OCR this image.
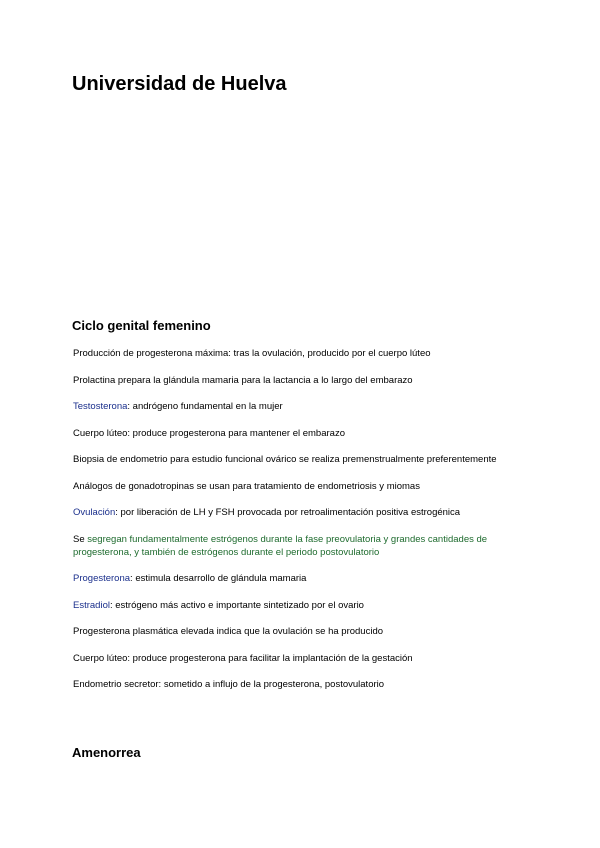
Universidad de Huelva
Ciclo genital femenino

Producción de progesterona máxima: tras la ovulación, producido por el cuerpo lúteo

Prolactina prepara la glándula mamaria para la lactancia a lo largo del embarazo

Testosterona: andrógeno fundamental en la mujer

Cuerpo lúteo: produce progesterona para mantener el embarazo

Biopsia de endometrio para estudio funcional ovárico se realiza premenstrualmente preferentemente

Análogos de gonadotropinas se usan para tratamiento de endometriosis y miomas

Ovulación: por liberación de LH y FSH provocada por retroalimentación positiva estrogénica

Se segregan fundamentalmente estrógenos durante la fase preovulatoria y grandes cantidades de progesterona, y también de estrógenos durante el periodo postovulatorio

Progesterona: estimula desarrollo de glándula mamaria

Estradiol: estrógeno más activo e importante sintetizado por el ovario

Progesterona plasmática elevada indica que la ovulación se ha producido

Cuerpo lúteo: produce progesterona para facilitar la implantación de la gestación

Endometrio secretor: sometido a influjo de la progesterona, postovulatorio

Amenorrea
